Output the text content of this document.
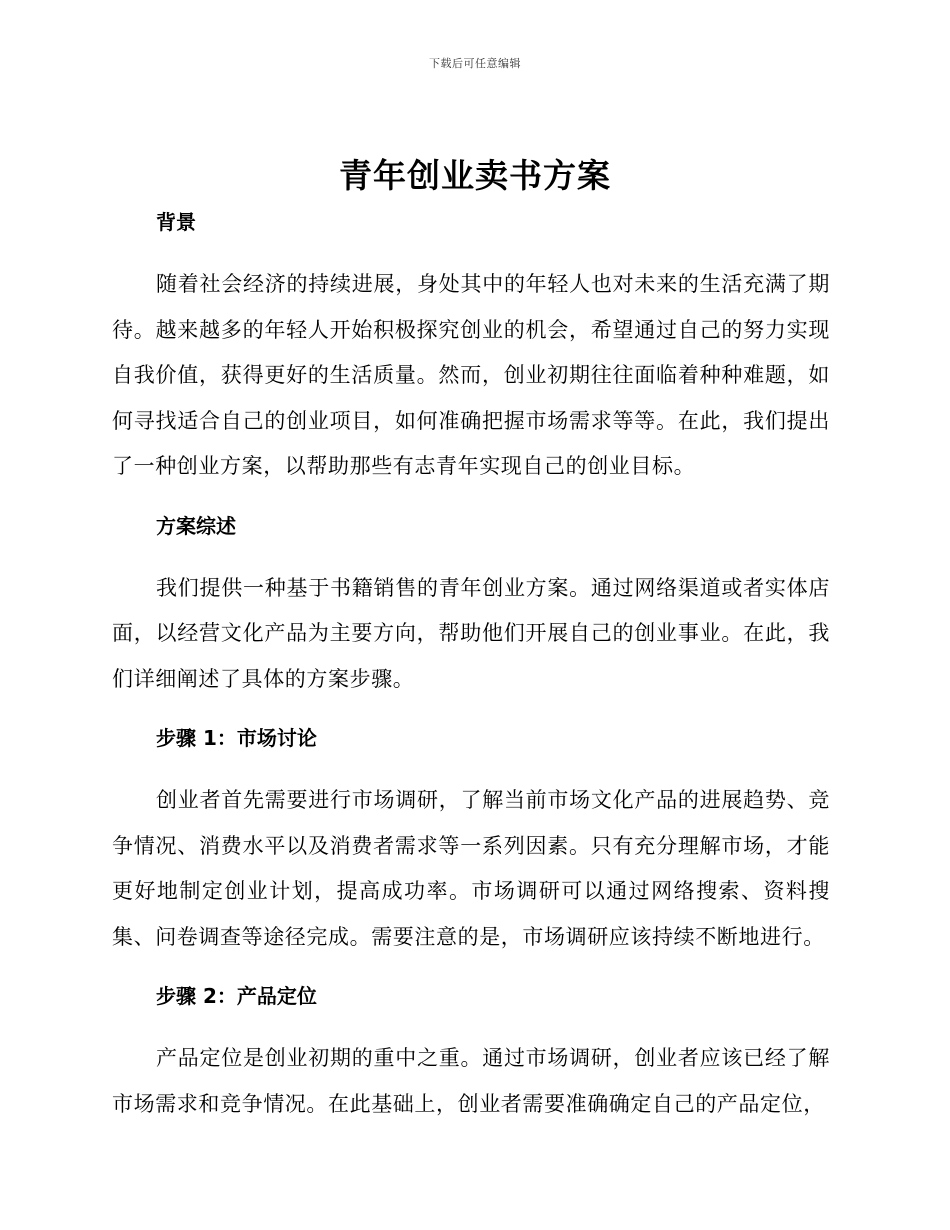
下载后可任意编辑
青年创业卖书方案
背景

随着社会经济的持续进展，身处其中的年轻人也对未来的生活充满了期待。越来越多的年轻人开始积极探究创业的机会，希望通过自己的努力实现自我价值，获得更好的生活质量。然而，创业初期往往面临着种种难题，如何寻找适合自己的创业项目，如何准确把握市场需求等等。在此，我们提出了一种创业方案，以帮助那些有志青年实现自己的创业目标。

方案综述

我们提供一种基于书籍销售的青年创业方案。通过网络渠道或者实体店面，以经营文化产品为主要方向，帮助他们开展自己的创业事业。在此，我们详细阐述了具体的方案步骤。

步骤 1：市场讨论

创业者首先需要进行市场调研，了解当前市场文化产品的进展趋势、竞争情况、消费水平以及消费者需求等一系列因素。只有充分理解市场，才能更好地制定创业计划，提高成功率。市场调研可以通过网络搜索、资料搜集、问卷调查等途径完成。需要注意的是，市场调研应该持续不断地进行。

步骤 2：产品定位

产品定位是创业初期的重中之重。通过市场调研，创业者应该已经了解市场需求和竞争情况。在此基础上，创业者需要准确确定自己的产品定位，
